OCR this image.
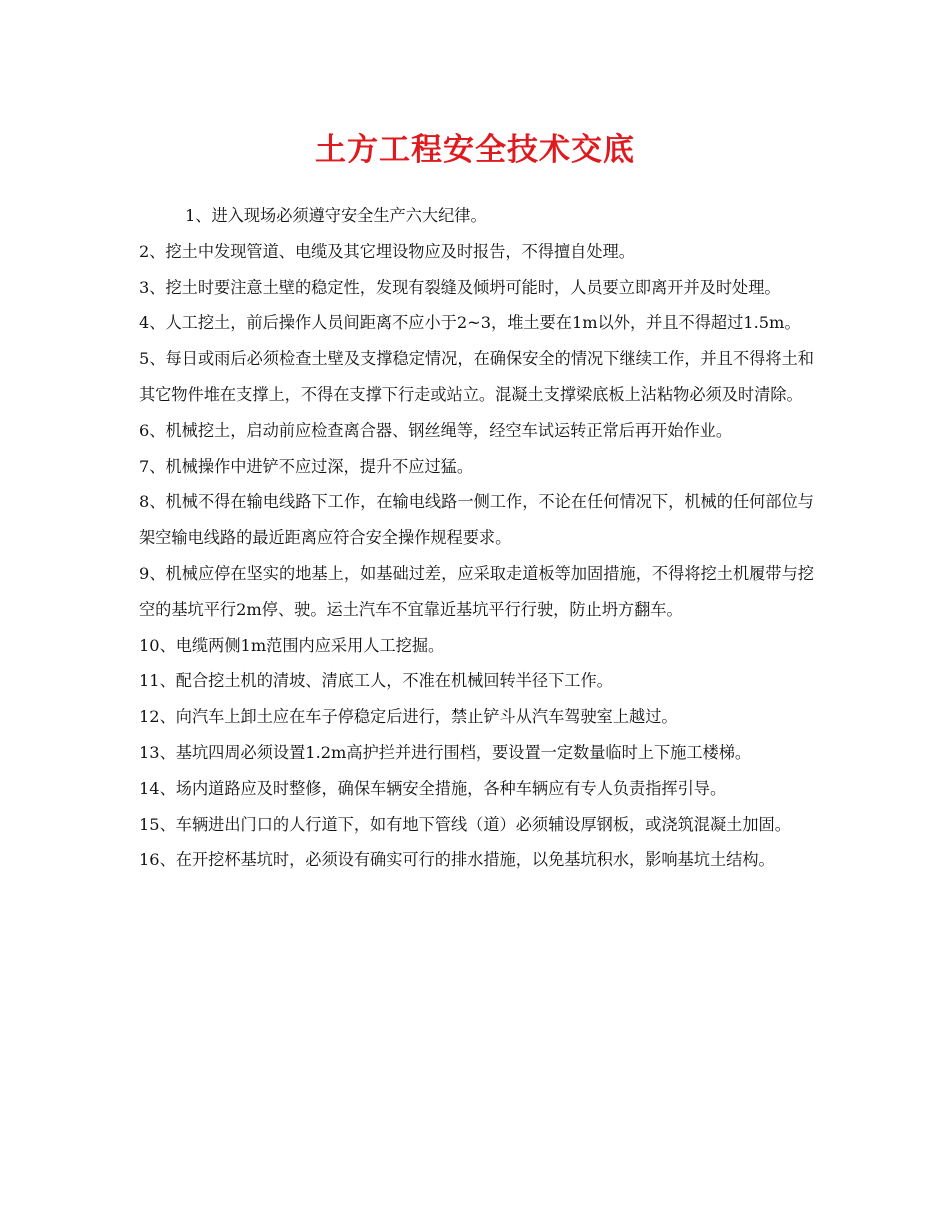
土方工程安全技术交底

1、进入现场必须遵守安全生产六大纪律。

2、挖土中发现管道、电缆及其它埋设物应及时报告，不得擅自处理。

3、挖土时要注意土壁的稳定性，发现有裂缝及倾坍可能时，人员要立即离开并及时处理。

4、人工挖土，前后操作人员间距离不应小于2~3，堆土要在1m以外，并且不得超过1.5m。

5、每日或雨后必须检查土壁及支撑稳定情况，在确保安全的情况下继续工作，并且不得将土和其它物件堆在支撑上，不得在支撑下行走或站立。混凝土支撑梁底板上沾粘物必须及时清除。

6、机械挖土，启动前应检查离合器、钢丝绳等，经空车试运转正常后再开始作业。

7、机械操作中进铲不应过深，提升不应过猛。

8、机械不得在输电线路下工作，在输电线路一侧工作，不论在任何情况下，机械的任何部位与架空输电线路的最近距离应符合安全操作规程要求。

9、机械应停在坚实的地基上，如基础过差，应采取走道板等加固措施，不得将挖土机履带与挖空的基坑平行2m停、驶。运土汽车不宜靠近基坑平行行驶，防止坍方翻车。

10、电缆两侧1m范围内应采用人工挖掘。

11、配合挖土机的清坡、清底工人，不准在机械回转半径下工作。

12、向汽车上卸土应在车子停稳定后进行，禁止铲斗从汽车驾驶室上越过。

13、基坑四周必须设置1.2m高护拦并进行围档，要设置一定数量临时上下施工楼梯。

14、场内道路应及时整修，确保车辆安全措施，各种车辆应有专人负责指挥引导。

15、车辆进出门口的人行道下，如有地下管线（道）必须辅设厚钢板，或浇筑混凝土加固。

16、在开挖杯基坑时，必须设有确实可行的排水措施，以免基坑积水，影响基坑土结构。
